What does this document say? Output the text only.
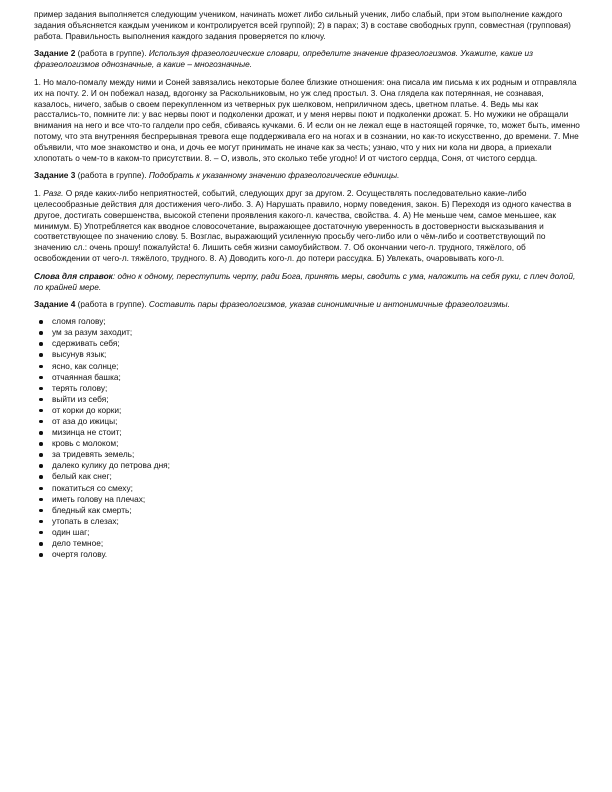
пример задания выполняется следующим учеником, начинать может либо сильный ученик, либо слабый, при этом выполнение каждого задания объясняется каждым учеником и контролируется всей группой); 2) в парах; 3) в составе свободных групп, совместная (групповая) работа. Правильность выполнения каждого задания проверяется по ключу.

Задание 2 (работа в группе). Используя фразеологические словари, определите значение фразеологизмов. Укажите, какие из фразеологизмов однозначные, а какие – многозначные.

1. Но мало-помалу между ними и Соней завязались некоторые более близкие отношения: она писала им письма к их родным и отправляла их на почту. 2. И он побежал назад, вдогонку за Раскольниковым, но уж след простыл. 3. Она глядела как потерянная, не сознавая, казалось, ничего, забыв о своем перекупленном из четверных рук шелковом, неприличном здесь, цветном платье. 4. Ведь мы как расстались-то, помните ли: у вас нервы поют и подколенки дрожат, и у меня нервы поют и подколенки дрожат. 5. Но мужики не обращали внимания на него и все что-то галдели про себя, сбиваясь кучками. 6. И если он не лежал еще в настоящей горячке, то, может быть, именно потому, что эта внутренняя беспрерывная тревога еще поддерживала его на ногах и в сознании, но как-то искусственно, до времени. 7. Мне объявили, что мое знакомство и она, и дочь ее могут принимать не иначе как за честь; узнаю, что у них ни кола ни двора, а приехали хлопотать о чем-то в каком-то присутствии. 8. – О, изволь, это сколько тебе угодно! И от чистого сердца, Соня, от чистого сердца.

Задание 3 (работа в группе). Подобрать к указанному значению фразеологические единицы.

1. Разг. О ряде каких-либо неприятностей, событий, следующих друг за другом. 2. Осуществлять последовательно какие-либо целесообразные действия для достижения чего-либо. 3. А) Нарушать правило, норму поведения, закон. Б) Переходя из одного качества в другое, достигать совершенства, высокой степени проявления какого-л. качества, свойства. 4. А) Не меньше чем, самое меньшее, как минимум. Б) Употребляется как вводное словосочетание, выражающее достаточную уверенность в достоверности высказывания и соответствующее по значению слову. 5. Возглас, выражающий усиленную просьбу чего-либо или о чём-либо и соответствующий по значению сл.: очень прошу! пожалуйста! 6. Лишить себя жизни самоубийством. 7. Об окончании чего-л. трудного, тяжёлого, об освобождении от чего-л. тяжёлого, трудного. 8. А) Доводить кого-л. до потери рассудка. Б) Увлекать, очаровывать кого-л.

Слова для справок: одно к одному, переступить черту, ради Бога, принять меры, сводить с ума, наложить на себя руки, с плеч долой, по крайней мере.

Задание 4 (работа в группе). Составить пары фразеологизмов, указав синонимичные и антонимичные фразеологизмы.

сломя голову;
ум за разум заходит;
сдерживать себя;
высунув язык;
ясно, как солнце;
отчаянная башка;
терять голову;
выйти из себя;
от корки до корки;
от аза до ижицы;
мизинца не стоит;
кровь с молоком;
за тридевять земель;
далеко кулику до петрова дня;
белый как снег;
покатиться со смеху;
иметь голову на плечах;
бледный как смерть;
утопать в слезах;
один шаг;
дело темное;
очертя голову.
